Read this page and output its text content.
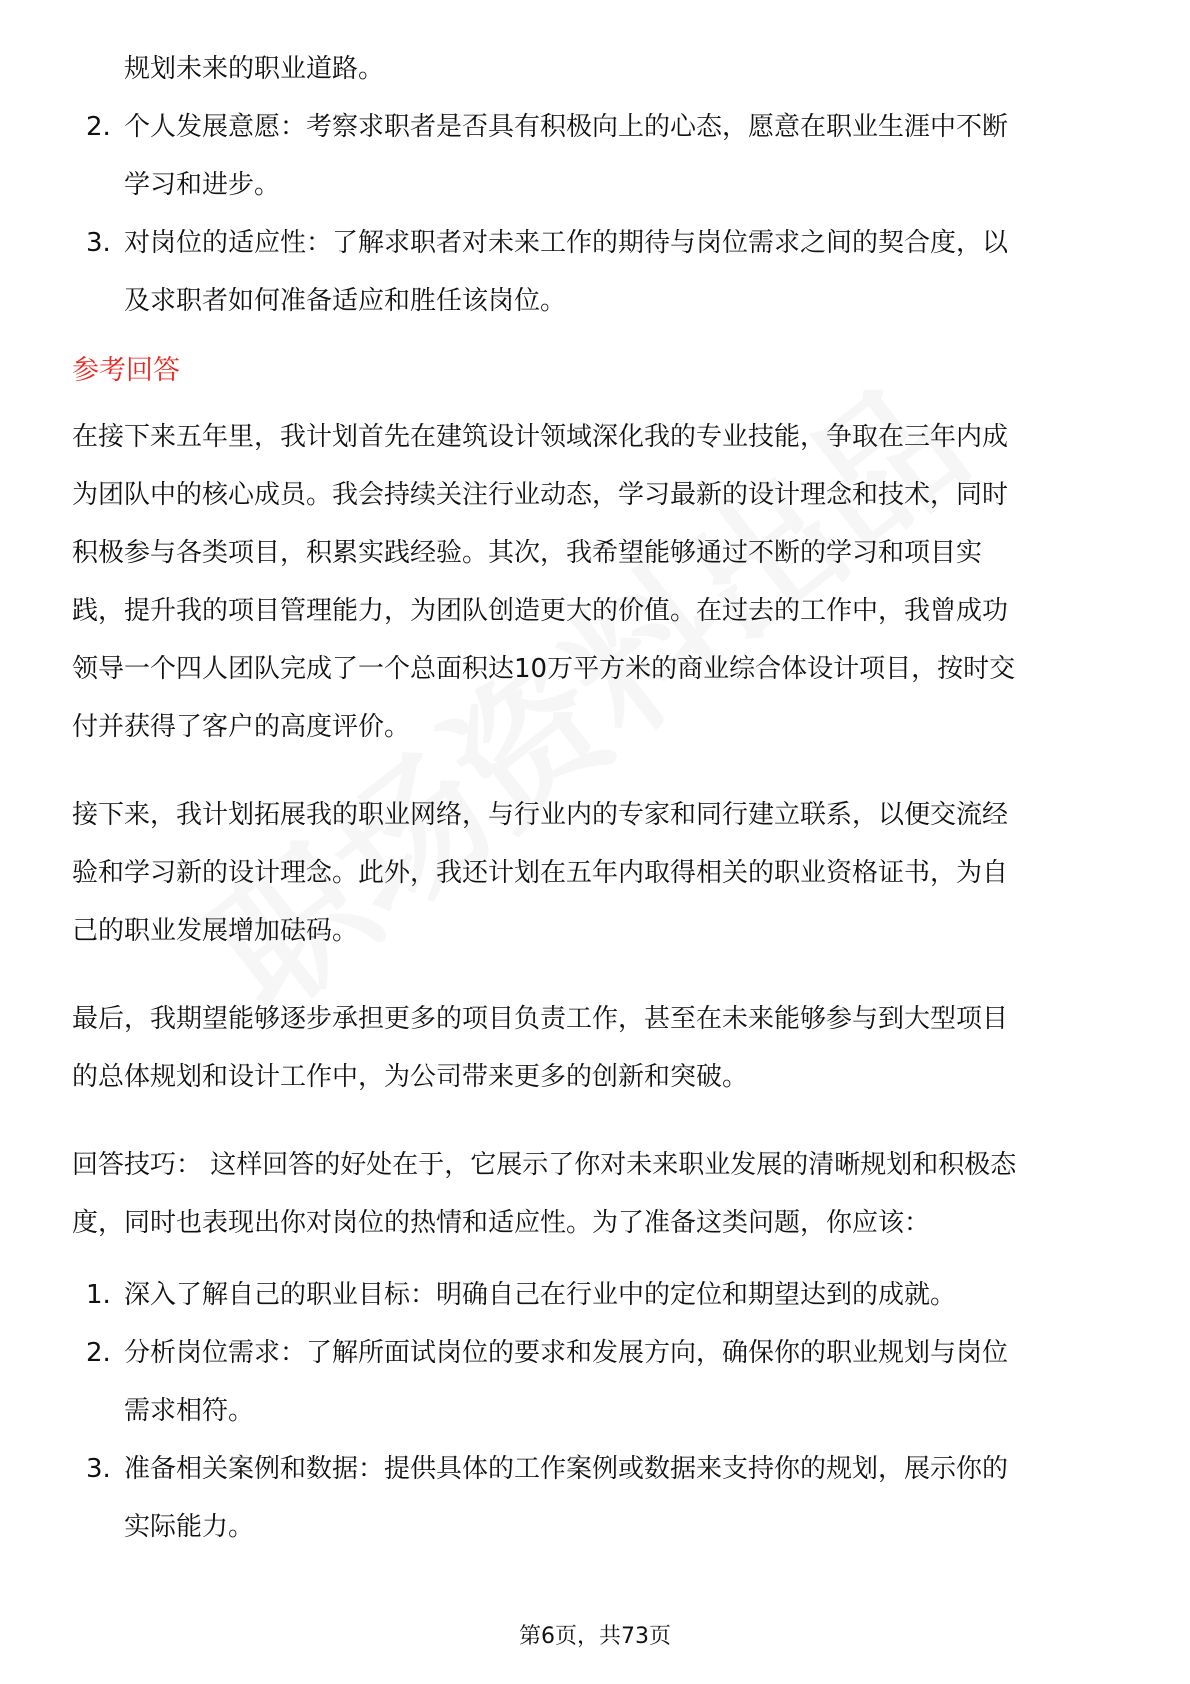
规划未来的职业道路。
2. 个人发展意愿：考察求职者是否具有积极向上的心态，愿意在职业生涯中不断
学习和进步。
3. 对岗位的适应性：了解求职者对未来工作的期待与岗位需求之间的契合度，以
及求职者如何准备适应和胜任该岗位。
参考回答
在接下来五年里，我计划首先在建筑设计领域深化我的专业技能，争取在三年内成
为团队中的核心成员。我会持续关注行业动态，学习最新的设计理念和技术，同时
积极参与各类项目，积累实践经验。其次，我希望能够通过不断的学习和项目实
践，提升我的项目管理能力，为团队创造更大的价值。在过去的工作中，我曾成功
领导一个四人团队完成了一个总面积达10万平方米的商业综合体设计项目，按时交
付并获得了客户的高度评价。
接下来，我计划拓展我的职业网络，与行业内的专家和同行建立联系，以便交流经
验和学习新的设计理念。此外，我还计划在五年内取得相关的职业资格证书，为自
己的职业发展增加砝码。
最后，我期望能够逐步承担更多的项目负责工作，甚至在未来能够参与到大型项目
的总体规划和设计工作中，为公司带来更多的创新和突破。
回答技巧： 这样回答的好处在于，它展示了你对未来职业发展的清晰规划和积极态
度，同时也表现出你对岗位的热情和适应性。为了准备这类问题，你应该：
1. 深入了解自己的职业目标：明确自己在行业中的定位和期望达到的成就。
2. 分析岗位需求：了解所面试岗位的要求和发展方向，确保你的职业规划与岗位
需求相符。
3. 准备相关案例和数据：提供具体的工作案例或数据来支持你的规划，展示你的
实际能力。
第6页，共73页
